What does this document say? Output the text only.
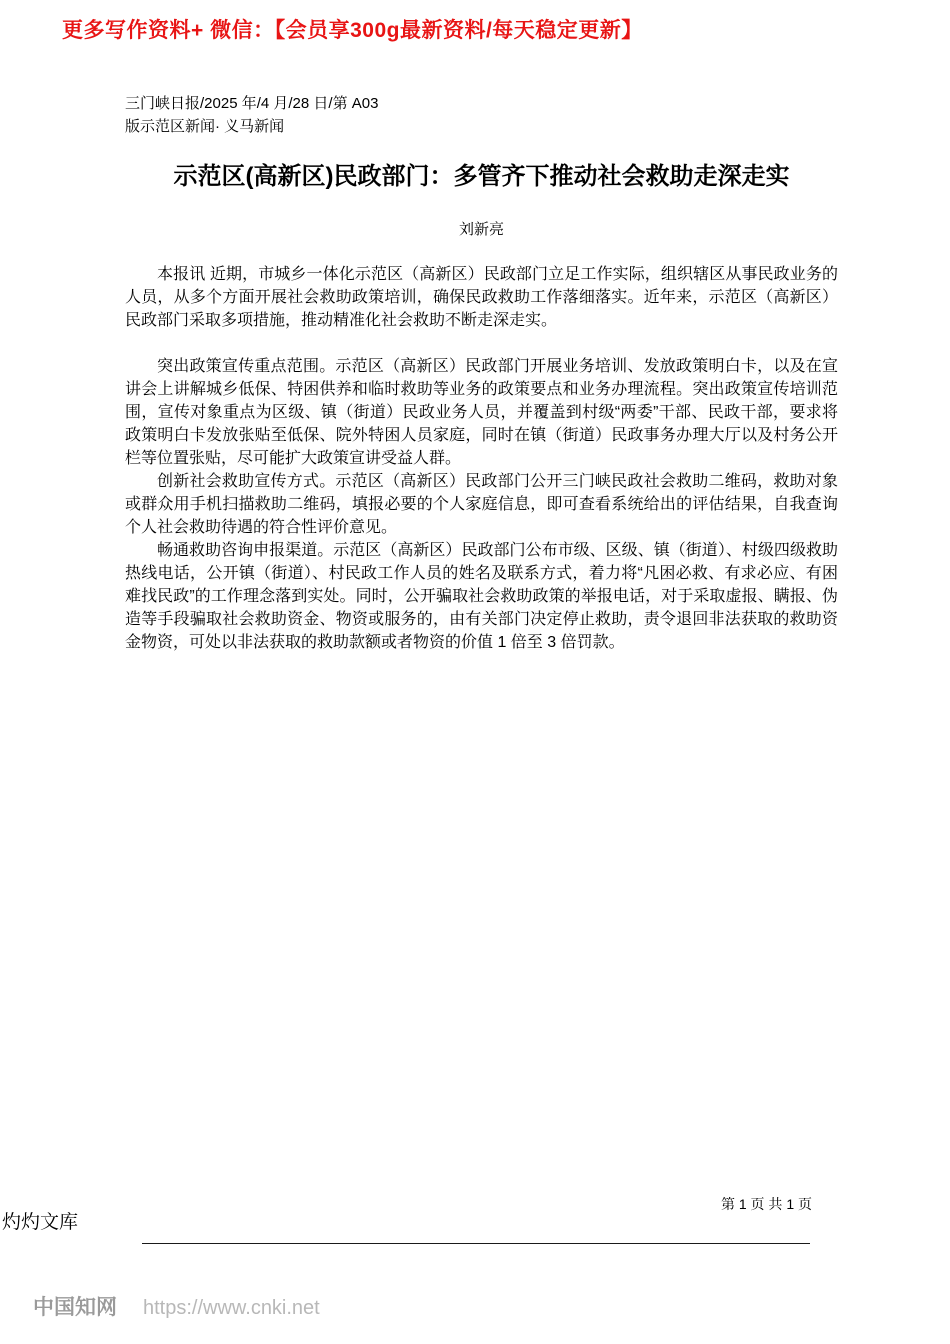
更多写作资料+ 微信：【会员享300g最新资料/每天稳定更新】
三门峡日报/2025 年/4 月/28 日/第 A03
版示范区新闻· 义马新闻
示范区(高新区)民政部门：多管齐下推动社会救助走深走实
刘新亮

本报讯 近期，市城乡一体化示范区（高新区）民政部门立足工作实际，组织辖区从事民政业务的人员，从多个方面开展社会救助政策培训，确保民政救助工作落细落实。近年来，示范区（高新区）民政部门采取多项措施，推动精准化社会救助不断走深走实。

突出政策宣传重点范围。示范区（高新区）民政部门开展业务培训、发放政策明白卡，以及在宣讲会上讲解城乡低保、特困供养和临时救助等业务的政策要点和业务办理流程。突出政策宣传培训范围，宣传对象重点为区级、镇（街道）民政业务人员，并覆盖到村级“两委”干部、民政干部，要求将政策明白卡发放张贴至低保、院外特困人员家庭，同时在镇（街道）民政事务办理大厅以及村务公开栏等位置张贴，尽可能扩大政策宣讲受益人群。

创新社会救助宣传方式。示范区（高新区）民政部门公开三门峡民政社会救助二维码，救助对象或群众用手机扫描救助二维码，填报必要的个人家庭信息，即可查看系统给出的评估结果，自我查询个人社会救助待遇的符合性评价意见。

畅通救助咨询申报渠道。示范区（高新区）民政部门公布市级、区级、镇（街道）、村级四级救助热线电话，公开镇（街道）、村民政工作人员的姓名及联系方式，着力将“凡困必救、有求必应、有困难找民政”的工作理念落到实处。同时，公开骗取社会救助政策的举报电话，对于采取虚报、瞒报、伪造等手段骗取社会救助资金、物资或服务的，由有关部门决定停止救助，责令退回非法获取的救助资金物资，可处以非法获取的救助款额或者物资的价值 1 倍至 3 倍罚款。

第 1 页 共 1 页
灼灼文库
中国知网 https://www.cnki.net
